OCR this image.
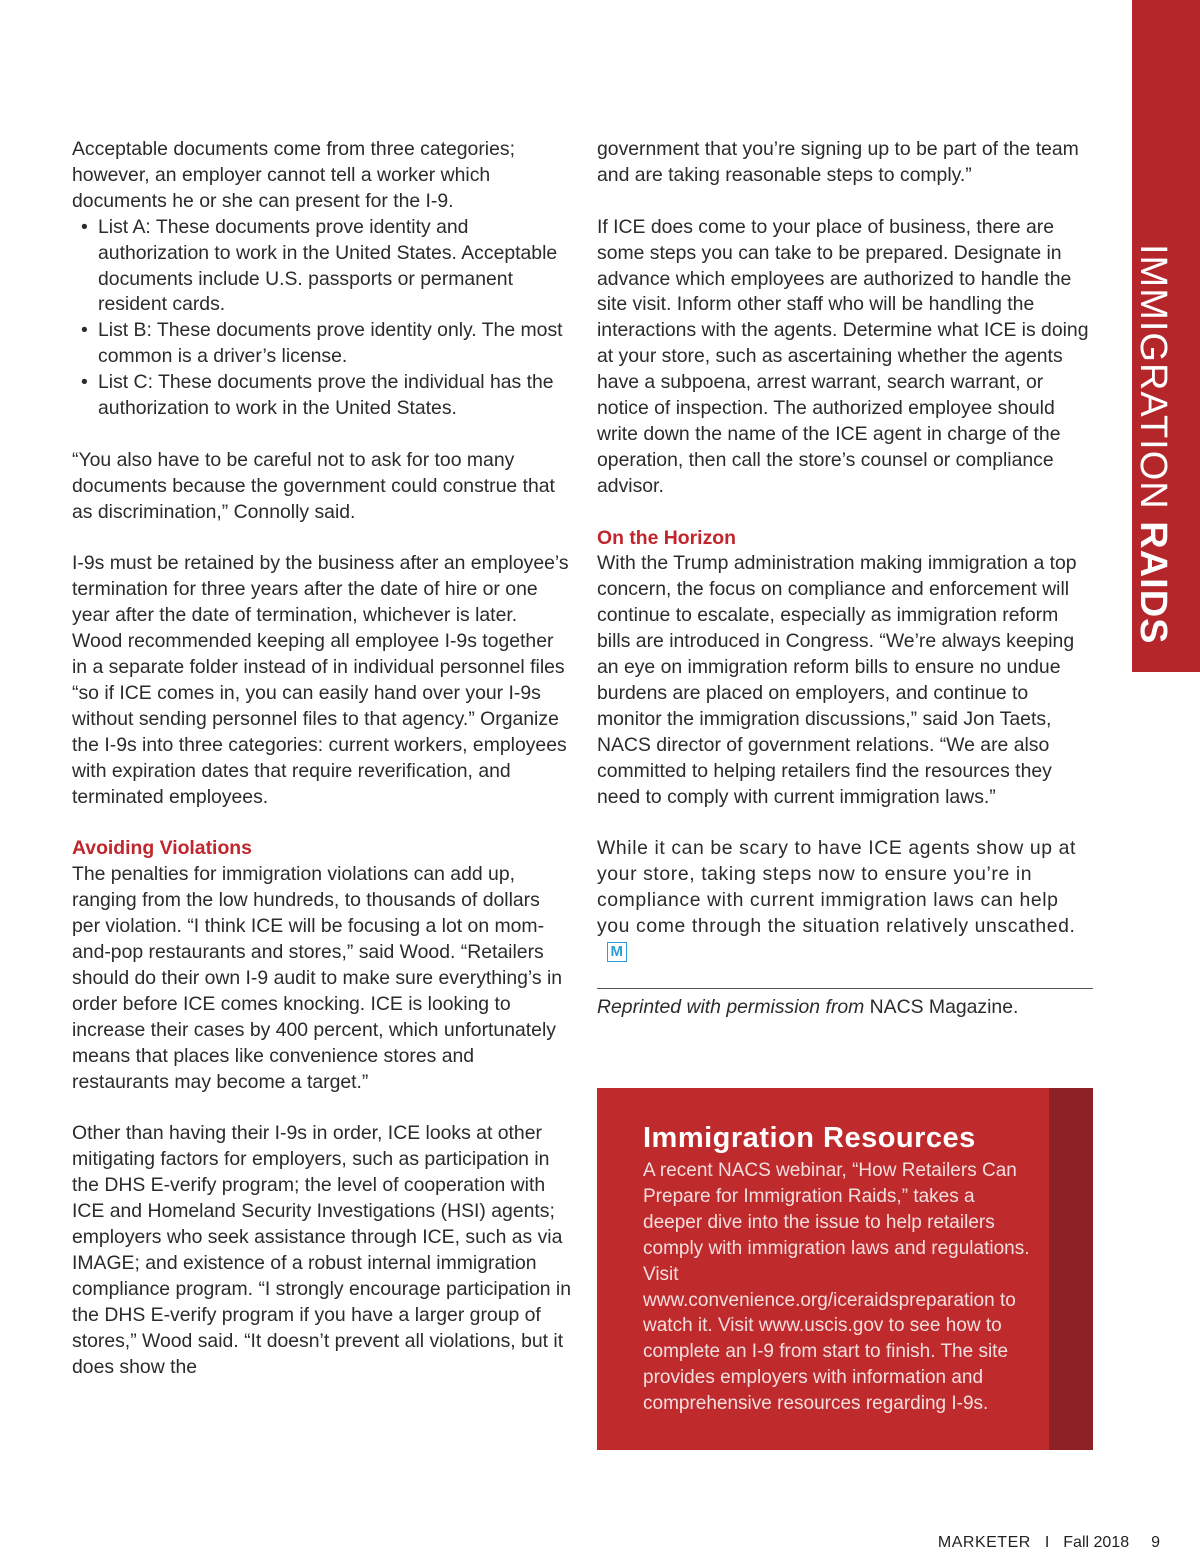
IMMIGRATION RAIDS

Acceptable documents come from three categories; however, an employer cannot tell a worker which documents he or she can present for the I-9.

• List A: These documents prove identity and authorization to work in the United States. Acceptable documents include U.S. passports or permanent resident cards.
• List B: These documents prove identity only. The most common is a driver’s license.
• List C: These documents prove the individual has the authorization to work in the United States.

“You also have to be careful not to ask for too many documents because the government could construe that as discrimination,” Connolly said.

I-9s must be retained by the business after an employee’s termination for three years after the date of hire or one year after the date of termination, whichever is later. Wood recommended keeping all employee I-9s together in a separate folder instead of in individual personnel files “so if ICE comes in, you can easily hand over your I-9s without sending personnel files to that agency.” Organize the I-9s into three categories: current workers, employees with expiration dates that require reverification, and terminated employees.

Avoiding Violations

The penalties for immigration violations can add up, ranging from the low hundreds, to thousands of dollars per violation. “I think ICE will be focusing a lot on mom-and-pop restaurants and stores,” said Wood. “Retailers should do their own I-9 audit to make sure everything’s in order before ICE comes knocking. ICE is looking to increase their cases by 400 percent, which unfortunately means that places like convenience stores and restaurants may become a target.”

Other than having their I-9s in order, ICE looks at other mitigating factors for employers, such as participation in the DHS E-verify program; the level of cooperation with ICE and Homeland Security Investigations (HSI) agents; employers who seek assistance through ICE, such as via IMAGE; and existence of a robust internal immigration compliance program. “I strongly encourage participation in the DHS E-verify program if you have a larger group of stores,” Wood said. “It doesn’t prevent all violations, but it does show the

government that you’re signing up to be part of the team and are taking reasonable steps to comply.”

If ICE does come to your place of business, there are some steps you can take to be prepared. Designate in advance which employees are authorized to handle the site visit. Inform other staff who will be handling the interactions with the agents. Determine what ICE is doing at your store, such as ascertaining whether the agents have a subpoena, arrest warrant, search warrant, or notice of inspection. The authorized employee should write down the name of the ICE agent in charge of the operation, then call the store’s counsel or compliance advisor.

On the Horizon

With the Trump administration making immigration a top concern, the focus on compliance and enforcement will continue to escalate, especially as immigration reform bills are introduced in Congress. “We’re always keeping an eye on immigration reform bills to ensure no undue burdens are placed on employers, and continue to monitor the immigration discussions,” said Jon Taets, NACS director of government relations. “We are also committed to helping retailers find the resources they need to comply with current immigration laws.”

While it can be scary to have ICE agents show up at your store, taking steps now to ensure you’re in compliance with current immigration laws can help you come through the situation relatively unscathed.M

Reprinted with permission from NACS Magazine.

Immigration Resources
A recent NACS webinar, “How Retailers Can Prepare for Immigration Raids,” takes a deeper dive into the issue to help retailers comply with immigration laws and regulations. Visit www.convenience.org/iceraidspreparation to watch it. Visit www.uscis.gov to see how to complete an I-9 from start to finish. The site provides employers with information and comprehensive resources regarding I-9s.
MARKETER I Fall 2018 9
